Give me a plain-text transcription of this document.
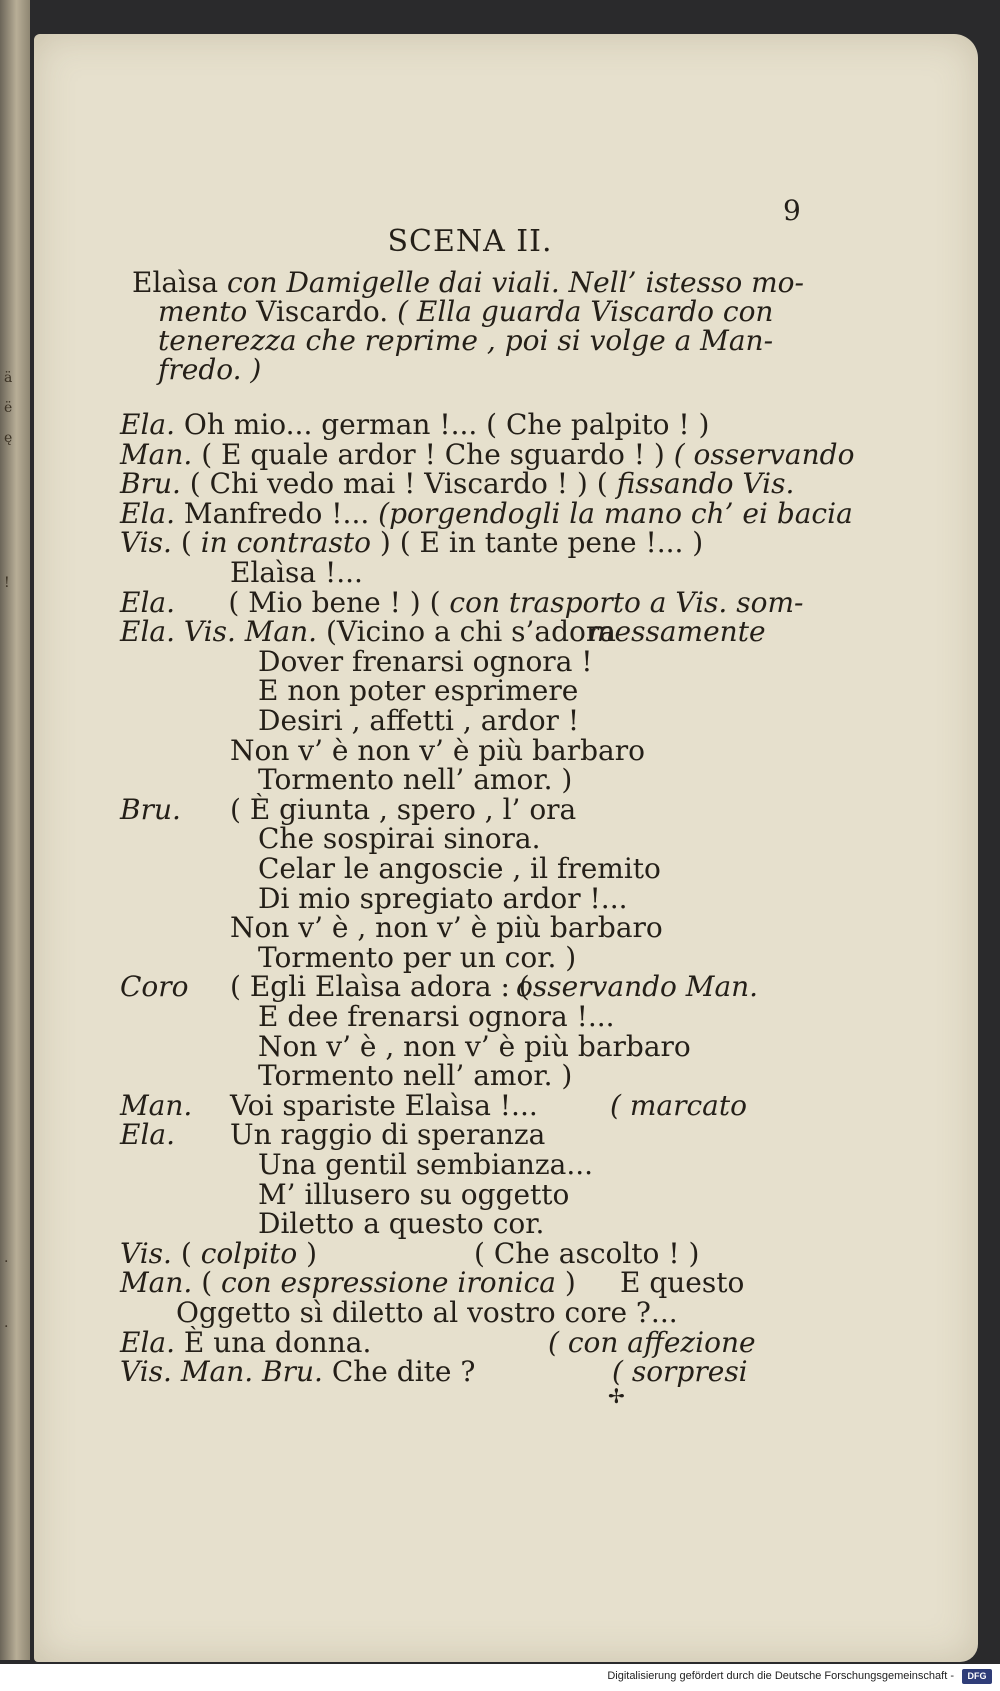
ä
ë
ę
!
.
.
9
SCENA II.
Elaìsa con Damigelle dai viali. Nell’ istesso mo-
mento Viscardo. ( Ella guarda Viscardo con
tenerezza che reprime , poi si volge a Man-
fredo. )
Ela. Oh mio... german !... ( Che palpito ! )
Man. ( E quale ardor ! Che sguardo ! ) ( osservando
Bru. ( Chi vedo mai ! Viscardo ! ) ( fissando Vis.
Ela. Manfredo !... (porgendogli la mano ch’ ei bacia
Vis. ( in contrasto ) ( E in tante pene !... )
Elaìsa !...
Ela.      ( Mio bene ! ) ( con trasporto a Vis. som-
Ela. Vis. Man. (Vicino a chi s’adora
messamente
Dover frenarsi ognora !
E non poter esprimere
Desiri , affetti , ardor !
Non v’ è non v’ è più barbaro
Tormento nell’ amor. )
Bru. ( È giunta , spero , l’ ora
Che sospirai sinora.
Celar le angoscie , il fremito
Di mio spregiato ardor !...
Non v’ è , non v’ è più barbaro
Tormento per un cor. )
Coro ( Egli Elaìsa adora : (
osservando Man.
E dee frenarsi ognora !...
Non v’ è , non v’ è più barbaro
Tormento nell’ amor. )
Man. Voi spariste Elaìsa !...	( marcato
Ela. Un raggio di speranza
Una gentil sembianza...
M’ illusero su oggetto
Diletto a questo cor.
Vis. ( colpito )	( Che ascolto ! )
Man. ( con espressione ironica ) E questo
Oggetto sì diletto al vostro core ?...
Ela. È una donna.	( con affezione
Vis. Man. Bru. Che dite ?	( sorpresi
✢
Digitalisierung gefördert durch die Deutsche Forschungsgemeinschaft -	DFG
